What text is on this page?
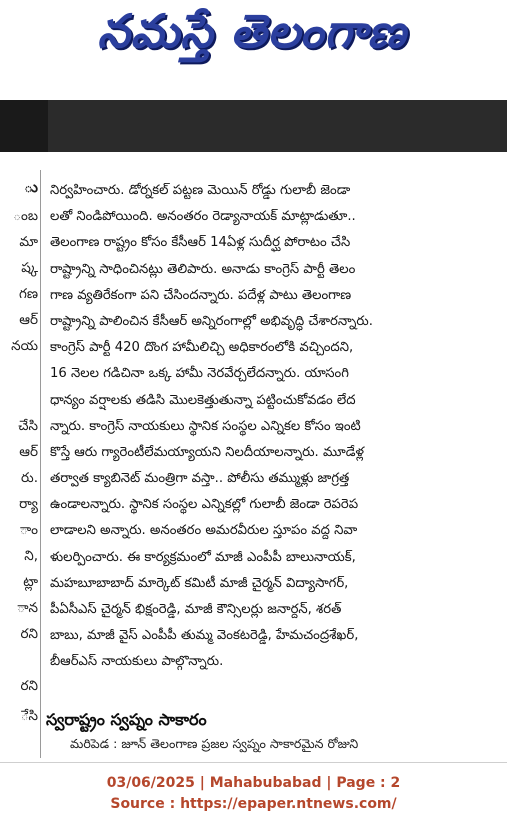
నమస్తే తెలంగాణ
ు
ంబ
మా
ష్క
గణ
ఆర్
నయ
చేసి
ఆర్
రు.
ర్యా
ాం
ని,
ట్లా
ాన
రని
రని
ేసి
నిర్వహించారు. డోర్నకల్ పట్టణ మెయిన్ రోడ్డు గులాబీ జెండా
లతో నిండిపోయింది. అనంతరం రెడ్యానాయక్ మాట్లాడుతూ..
తెలంగాణ రాష్ట్రం కోసం కేసీఆర్ 14ఏళ్ల సుదీర్ఘ పోరాటం చేసి
రాష్ట్రాన్ని సాధించినట్లు తెలిపారు. అనాడు కాంగ్రెస్ పార్టీ తెలం
గాణ వ్యతిరేకంగా పని చేసిందన్నారు. పదేళ్ల పాటు తెలంగాణ
రాష్ట్రాన్ని పాలించిన కేసీఆర్ అన్నిరంగాల్లో అభివృద్ధి చేశారన్నారు.
కాంగ్రెస్ పార్టీ 420 దొంగ హామీలిచ్చి అధికారంలోకి వచ్చిందని,
16 నెలల గడిచినా ఒక్క హామీ నెరవేర్చలేదన్నారు. యాసంగి
ధాన్యం వర్షాలకు తడిసి మొలకెత్తుతున్నా పట్టించుకోవడం లేద
న్నారు. కాంగ్రెస్ నాయకులు స్థానిక సంస్థల ఎన్నికల కోసం ఇంటి
కొస్తే ఆరు గ్యారెంటీలేమయ్యాయని నిలదీయాలన్నారు. మూడేళ్ల
తర్వాత క్యాబినెట్ మంత్రిగా వస్తా.. పోలీసు తమ్ముళ్లు జాగ్రత్త
ఉండాలన్నారు. స్థానిక సంస్థల ఎన్నికల్లో గులాబీ జెండా రెపరెప
లాడాలని అన్నారు. అనంతరం అమరవీరుల స్తూపం వద్ద నివా
ళులర్పించారు. ఈ కార్యక్రమంలో మాజీ ఎంపీపీ బాలునాయక్,
మహబూబాబాద్ మార్కెట్ కమిటీ మాజీ చైర్మన్ విద్యాసాగర్,
పీఏసీఎస్ చైర్మన్ భిక్షంరెడ్డి, మాజీ కౌన్సిలర్లు జనార్దన్, శరత్
బాబు, మాజీ వైస్ ఎంపీపీ తుమ్మ వెంకటరెడ్డి, హేమచంద్రశేఖర్,
బీఆర్ఎస్ నాయకులు పాల్గొన్నారు.
స్వరాష్ట్రం స్వప్నం సాకారం
మరిపెడ : జూన్ తెలంగాణ ప్రజల స్వప్నం సాకారమైన రోజుని
03/06/2025 | Mahabubabad | Page : 2
Source : https://epaper.ntnews.com/
